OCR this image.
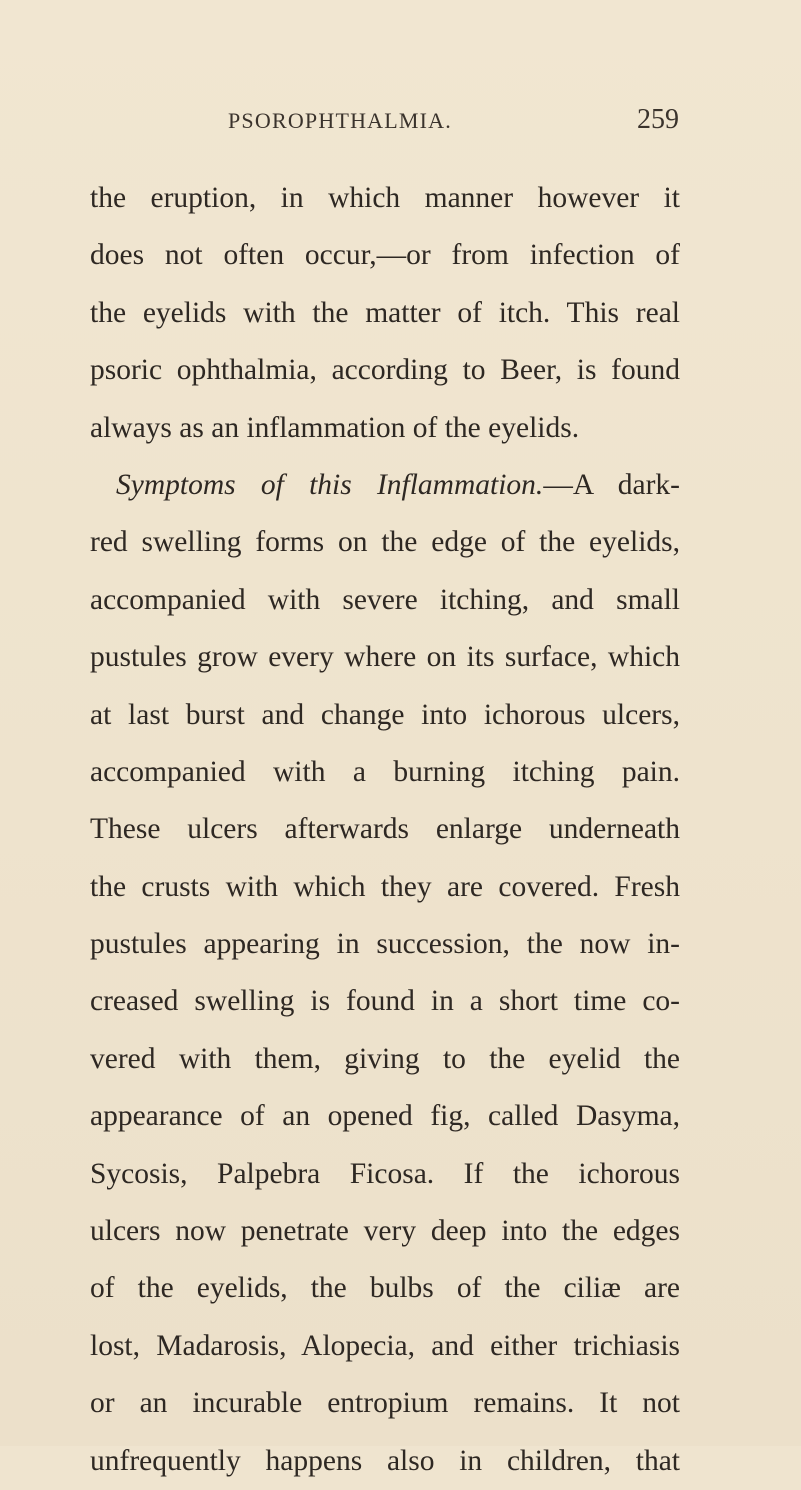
PSOROPHTHALMIA.	259
the eruption, in which manner however it
does not often occur,—or from infection of
the eyelids with the matter of itch. This real
psoric ophthalmia, according to Beer, is found
always as an inflammation of the eyelids.
Symptoms of this Inflammation.—A dark-
red swelling forms on the edge of the eyelids,
accompanied with severe itching, and small
pustules grow every where on its surface, which
at last burst and change into ichorous ulcers,
accompanied with a burning itching pain.
These ulcers afterwards enlarge underneath
the crusts with which they are covered. Fresh
pustules appearing in succession, the now in-
creased swelling is found in a short time co-
vered with them, giving to the eyelid the
appearance of an opened fig, called Dasyma,
Sycosis, Palpebra Ficosa. If the ichorous
ulcers now penetrate very deep into the edges
of the eyelids, the bulbs of the ciliæ are
lost, Madarosis, Alopecia, and either trichiasis
or an incurable entropium remains. It not
unfrequently happens also in children, that
